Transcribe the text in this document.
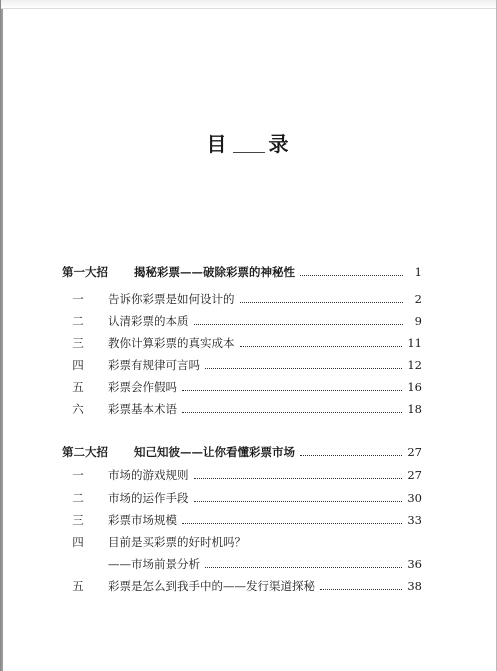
目 录
第一大招	揭秘彩票——破除彩票的神秘性	1
一	告诉你彩票是如何设计的	2
二	认清彩票的本质	9
三	教你计算彩票的真实成本	11
四	彩票有规律可言吗	12
五	彩票会作假吗	16
六	彩票基本术语	18
第二大招	知己知彼——让你看懂彩票市场	27
一	市场的游戏规则	27
二	市场的运作手段	30
三	彩票市场规模	33
四	目前是买彩票的好时机吗？
——市场前景分析	36
五	彩票是怎么到我手中的——发行渠道探秘	38
